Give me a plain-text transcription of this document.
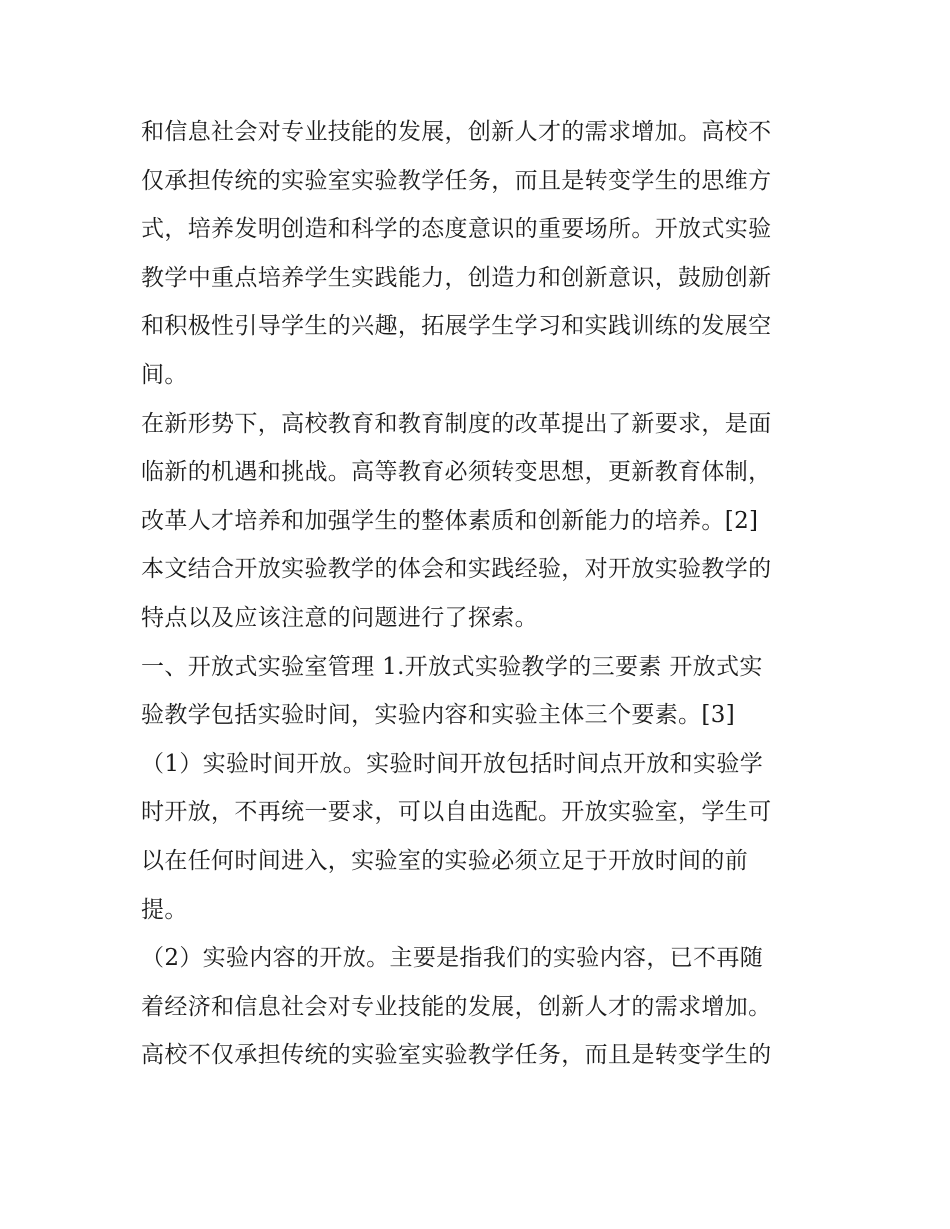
和信息社会对专业技能的发展，创新人才的需求增加。高校不
仅承担传统的实验室实验教学任务，而且是转变学生的思维方
式，培养发明创造和科学的态度意识的重要场所。开放式实验
教学中重点培养学生实践能力，创造力和创新意识，鼓励创新
和积极性引导学生的兴趣，拓展学生学习和实践训练的发展空
间。
在新形势下，高校教育和教育制度的改革提出了新要求，是面
临新的机遇和挑战。高等教育必须转变思想，更新教育体制，
改革人才培养和加强学生的整体素质和创新能力的培养。[2]
本文结合开放实验教学的体会和实践经验，对开放实验教学的
特点以及应该注意的问题进行了探索。
一、开放式实验室管理 1.开放式实验教学的三要素 开放式实
验教学包括实验时间，实验内容和实验主体三个要素。[3]
（1）实验时间开放。实验时间开放包括时间点开放和实验学
时开放，不再统一要求，可以自由选配。开放实验室，学生可
以在任何时间进入，实验室的实验必须立足于开放时间的前
提。
（2）实验内容的开放。主要是指我们的实验内容，已不再随
着经济和信息社会对专业技能的发展，创新人才的需求增加。
高校不仅承担传统的实验室实验教学任务，而且是转变学生的
